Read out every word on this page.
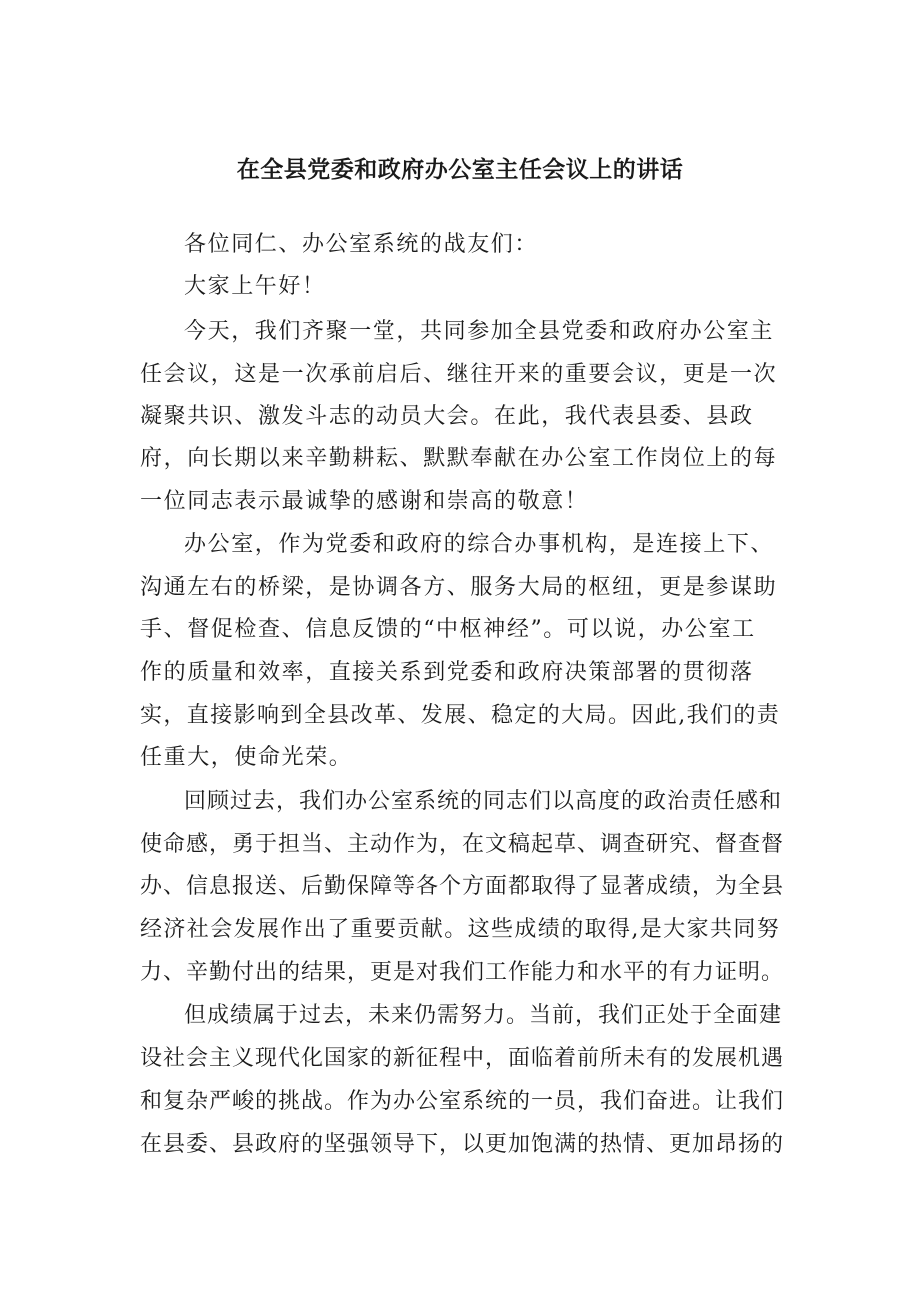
在全县党委和政府办公室主任会议上的讲话
各位同仁、办公室系统的战友们：
大家上午好！
今天，我们齐聚一堂，共同参加全县党委和政府办公室主
任会议，这是一次承前启后、继往开来的重要会议，更是一次
凝聚共识、激发斗志的动员大会。在此，我代表县委、县政
府，向长期以来辛勤耕耘、默默奉献在办公室工作岗位上的每
一位同志表示最诚挚的感谢和崇高的敬意！
办公室，作为党委和政府的综合办事机构，是连接上下、
沟通左右的桥梁，是协调各方、服务大局的枢纽，更是参谋助
手、督促检查、信息反馈的“中枢神经”。可以说，办公室工
作的质量和效率，直接关系到党委和政府决策部署的贯彻落
实，直接影响到全县改革、发展、稳定的大局。因此,我们的责
任重大，使命光荣。
回顾过去，我们办公室系统的同志们以高度的政治责任感和
使命感，勇于担当、主动作为，在文稿起草、调查研究、督查督
办、信息报送、后勤保障等各个方面都取得了显著成绩，为全县
经济社会发展作出了重要贡献。这些成绩的取得,是大家共同努
力、辛勤付出的结果，更是对我们工作能力和水平的有力证明。
但成绩属于过去，未来仍需努力。当前，我们正处于全面建
设社会主义现代化国家的新征程中，面临着前所未有的发展机遇
和复杂严峻的挑战。作为办公室系统的一员，我们奋进。让我们
在县委、县政府的坚强领导下，以更加饱满的热情、更加昂扬的
